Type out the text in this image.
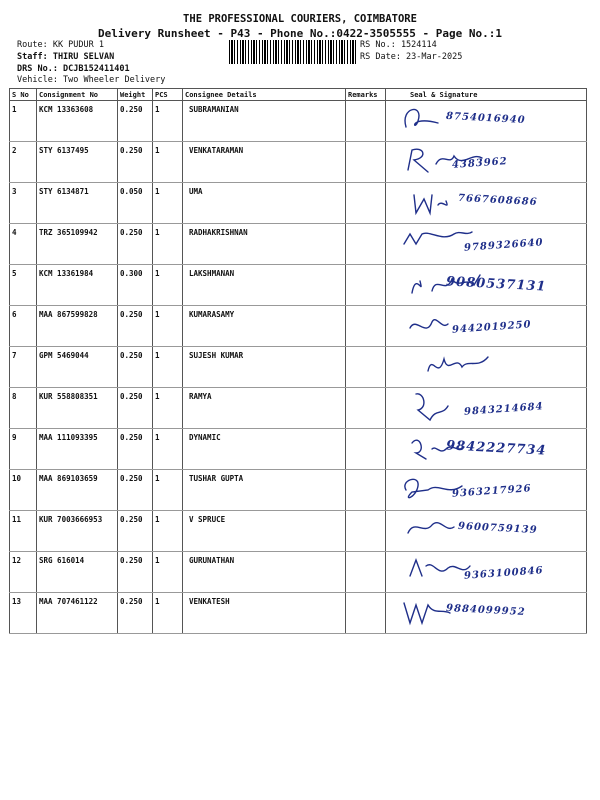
THE PROFESSIONAL COURIERS, COIMBATORE
Delivery Runsheet - P43 - Phone No.:0422-3505555 - Page No.:1
Route: KK PUDUR 1
Staff: THIRU SELVAN
DRS No.: DCJB152411401
Vehicle: Two Wheeler Delivery
RS No.: 1524114
RS Date: 23-Mar-2025
S No	Consignment No	Weight	PCS	Consignee Details	Remarks	Seal & Signature
1	KCM 13363608	0.250	1	SUBRAMANIAN		8754016940

2	STY 6137495	0.250	1	VENKATARAMAN		4383962

3	STY 6134871	0.050	1	UMA		7667608686

4	TRZ 365109942	0.250	1	RADHAKRISHNAN		9789326640

5	KCM 13361984	0.300	1	LAKSHMANAN		9080537131

6	MAA 867599828	0.250	1	KUMARASAMY		9442019250

7	GPM 5469044	0.250	1	SUJESH KUMAR		

8	KUR 558808351	0.250	1	RAMYA		9843214684

9	MAA 111093395	0.250	1	DYNAMIC		9842227734

10	MAA 869103659	0.250	1	TUSHAR GUPTA		9363217926

11	KUR 7003666953	0.250	1	V SPRUCE		9600759139

12	SRG 616014	0.250	1	GURUNATHAN		9363100846

13	MAA 707461122	0.250	1	VENKATESH		9884099952
